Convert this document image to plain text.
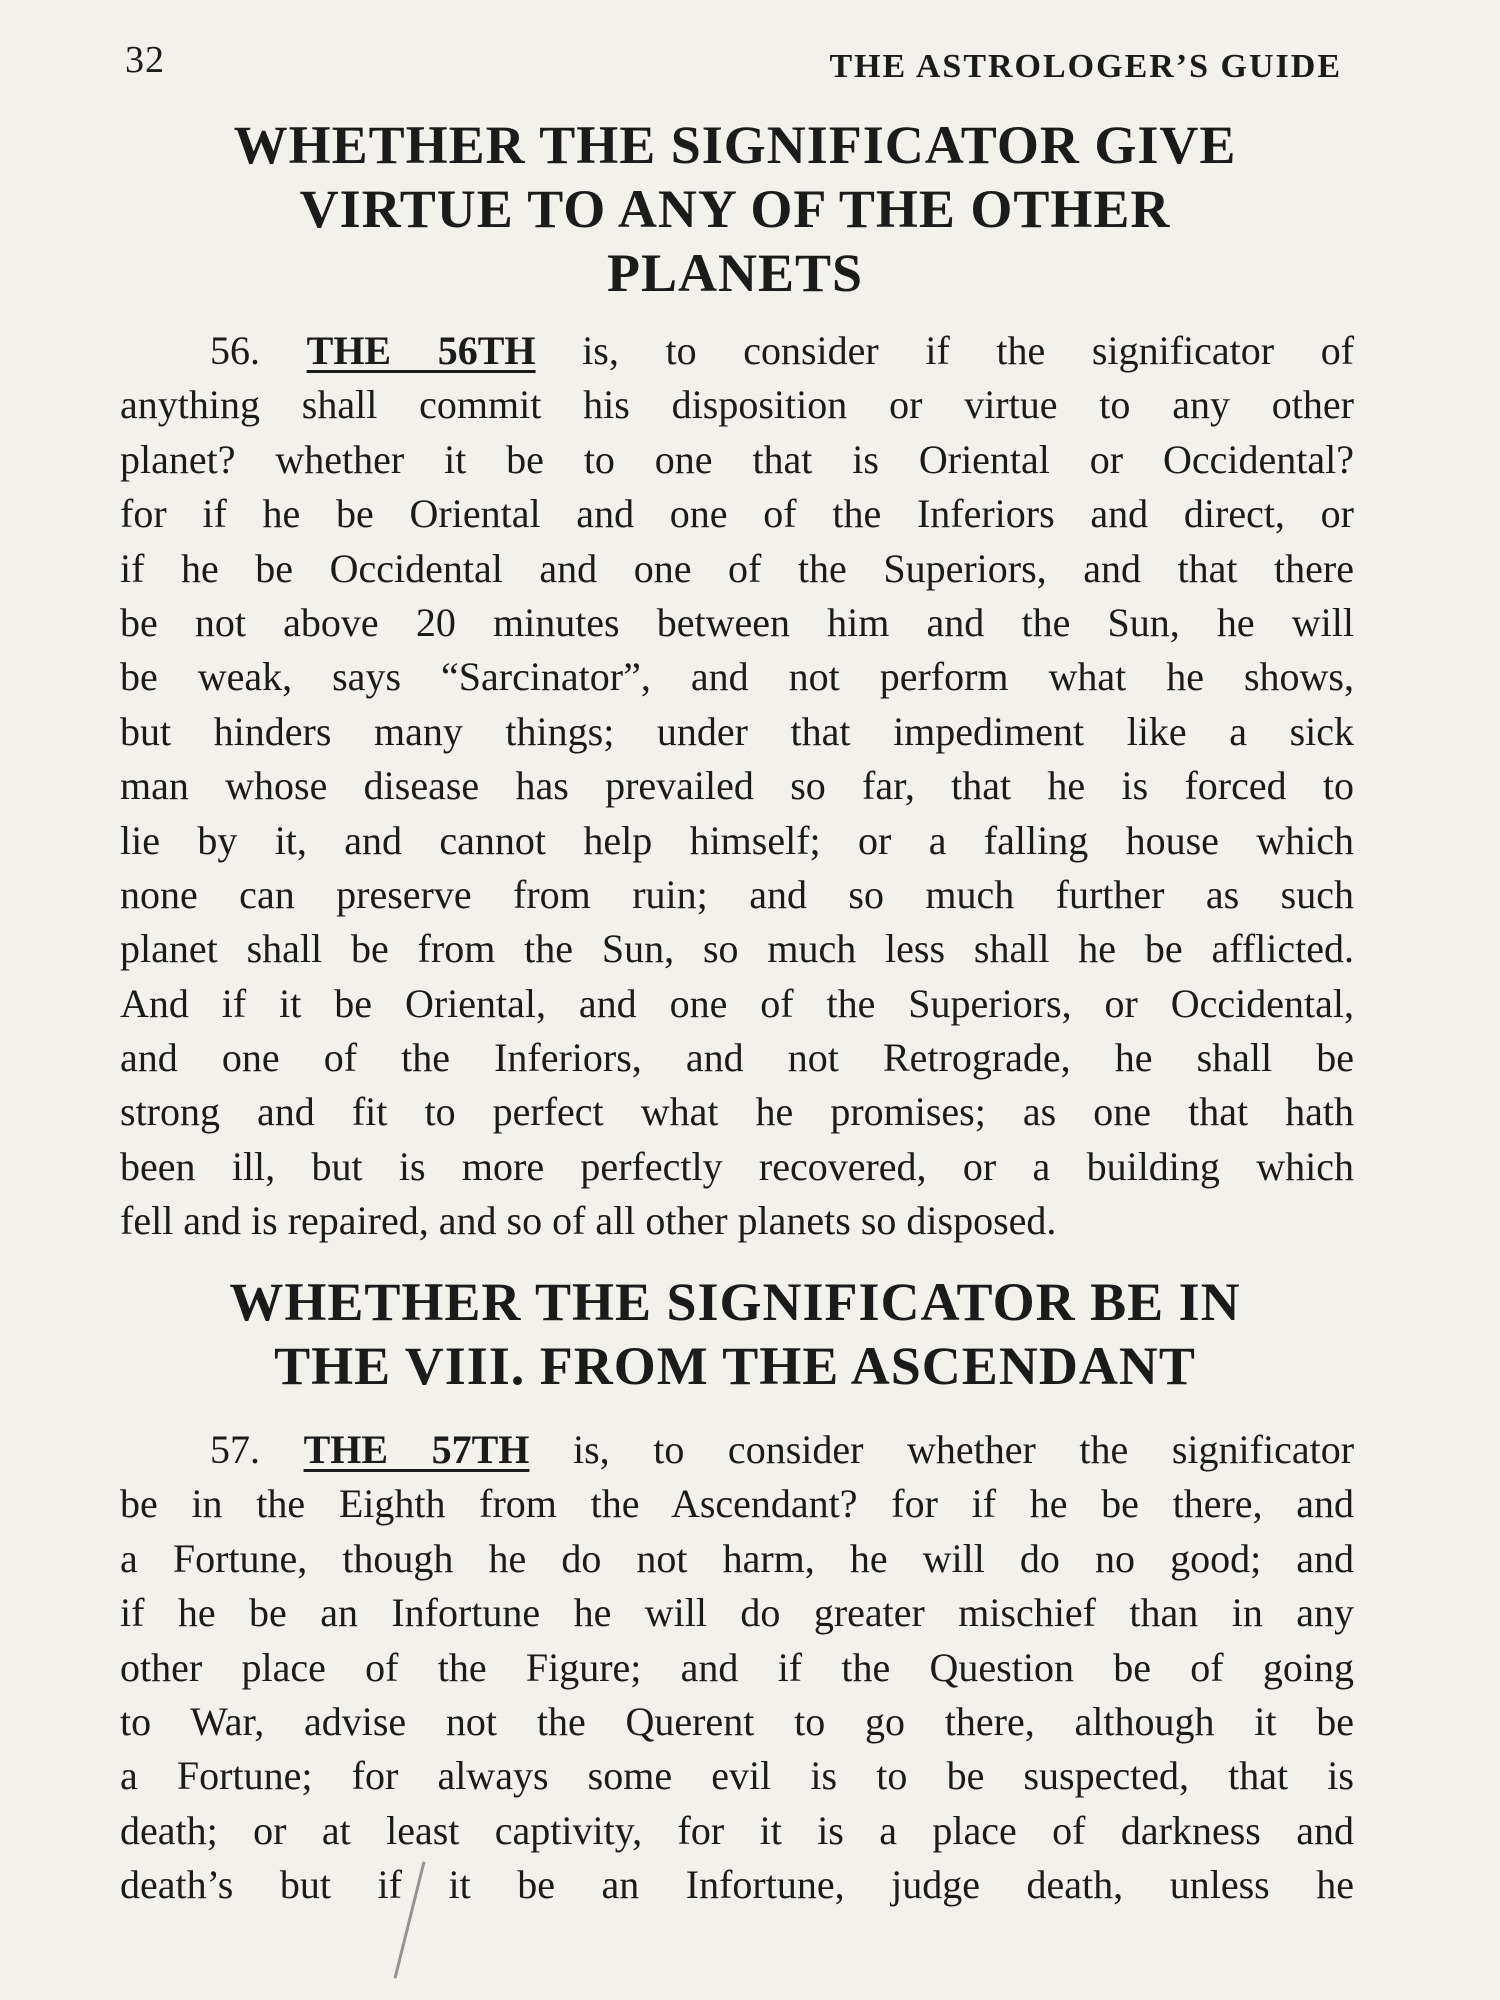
32	THE ASTROLOGER’S GUIDE
WHETHER THE SIGNIFICATOR GIVE
VIRTUE TO ANY OF THE OTHER
PLANETS
56. THE 56TH is, to consider if the significator of
anything shall commit his disposition or virtue to any other
planet? whether it be to one that is Oriental or Occidental?
for if he be Oriental and one of the Inferiors and direct, or
if he be Occidental and one of the Superiors, and that there
be not above 20 minutes between him and the Sun, he will
be weak, says “Sarcinator”, and not perform what he shows,
but hinders many things; under that impediment like a sick
man whose disease has prevailed so far, that he is forced to
lie by it, and cannot help himself; or a falling house which
none can preserve from ruin; and so much further as such
planet shall be from the Sun, so much less shall he be afflicted.
And if it be Oriental, and one of the Superiors, or Occidental,
and one of the Inferiors, and not Retrograde, he shall be
strong and fit to perfect what he promises; as one that hath
been ill, but is more perfectly recovered, or a building which
fell and is repaired, and so of all other planets so disposed.
WHETHER THE SIGNIFICATOR BE IN
THE VIII. FROM THE ASCENDANT
57. THE 57TH is, to consider whether the significator
be in the Eighth from the Ascendant? for if he be there, and
a Fortune, though he do not harm, he will do no good; and
if he be an Infortune he will do greater mischief than in any
other place of the Figure; and if the Question be of going
to War, advise not the Querent to go there, although it be
a Fortune; for always some evil is to be suspected, that is
death; or at least captivity, for it is a place of darkness and
death’s but if it be an Infortune, judge death, unless he
